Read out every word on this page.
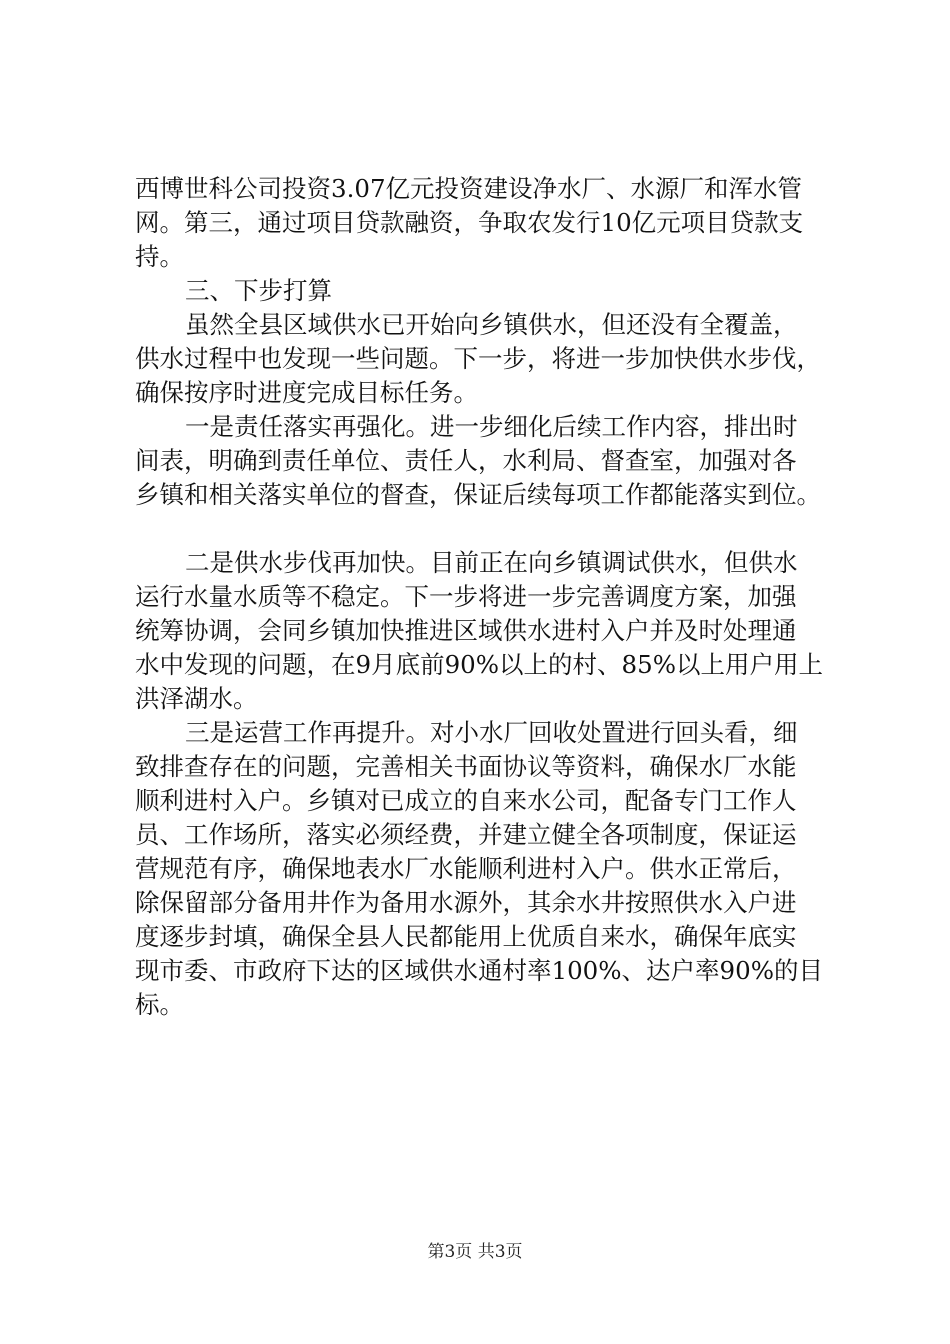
西博世科公司投资3.07亿元投资建设净水厂、水源厂和浑水管
网。第三，通过项目贷款融资，争取农发行10亿元项目贷款支
持。
三、下步打算
虽然全县区域供水已开始向乡镇供水，但还没有全覆盖，
供水过程中也发现一些问题。下一步，将进一步加快供水步伐，
确保按序时进度完成目标任务。
一是责任落实再强化。进一步细化后续工作内容，排出时
间表，明确到责任单位、责任人，水利局、督查室，加强对各
乡镇和相关落实单位的督查，保证后续每项工作都能落实到位。
二是供水步伐再加快。目前正在向乡镇调试供水，但供水
运行水量水质等不稳定。下一步将进一步完善调度方案，加强
统筹协调，会同乡镇加快推进区域供水进村入户并及时处理通
水中发现的问题，在9月底前90%以上的村、85%以上用户用上
洪泽湖水。
三是运营工作再提升。对小水厂回收处置进行回头看，细
致排查存在的问题，完善相关书面协议等资料，确保水厂水能
顺利进村入户。乡镇对已成立的自来水公司，配备专门工作人
员、工作场所，落实必须经费，并建立健全各项制度，保证运
营规范有序，确保地表水厂水能顺利进村入户。供水正常后，
除保留部分备用井作为备用水源外，其余水井按照供水入户进
度逐步封填，确保全县人民都能用上优质自来水，确保年底实
现市委、市政府下达的区域供水通村率100%、达户率90%的目
标。
第3页 共3页
